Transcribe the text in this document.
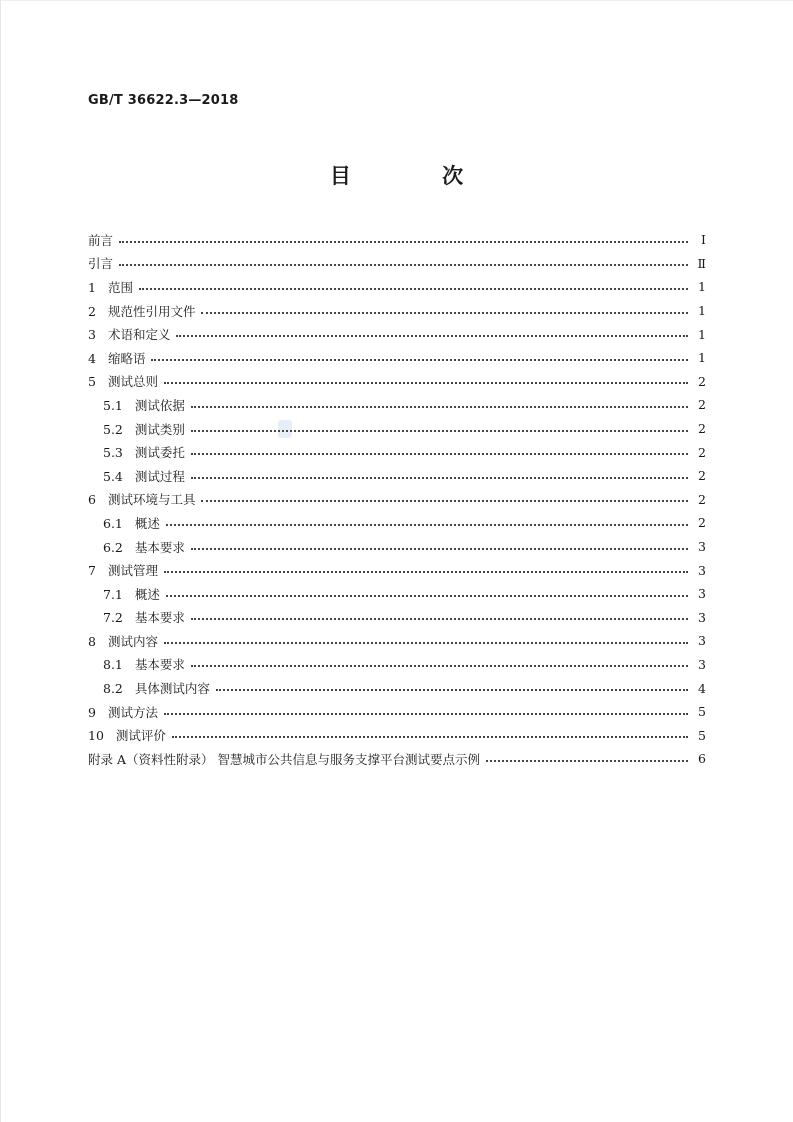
GB/T 36622.3—2018
目 次
前言	Ⅰ
引言	Ⅱ
1 范围	1
2 规范性引用文件	1
3 术语和定义	1
4 缩略语	1
5 测试总则	2
5.1 测试依据	2
5.2 测试类别	2
5.3 测试委托	2
5.4 测试过程	2
6 测试环境与工具	2
6.1 概述	2
6.2 基本要求	3
7 测试管理	3
7.1 概述	3
7.2 基本要求	3
8 测试内容	3
8.1 基本要求	3
8.2 具体测试内容	4
9 测试方法	5
10 测试评价	5
附录 A（资料性附录） 智慧城市公共信息与服务支撑平台测试要点示例	6
